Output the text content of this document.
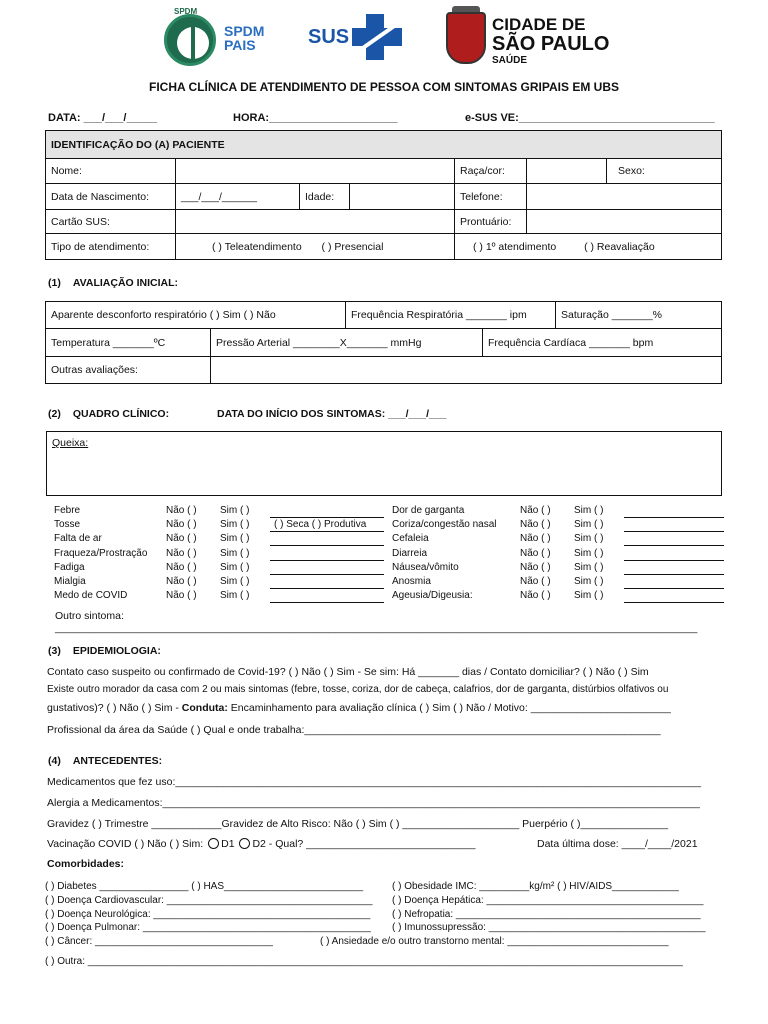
SPDM
SPDM
PAIS	SUS
CIDADE DE
SÃO PAULO
SAÚDE
FICHA CLÍNICA DE ATENDIMENTO DE PESSOA COM SINTOMAS GRIPAIS EM UBS
DATA: ___/___/_____	HORA:_____________________	e-SUS VE:________________________________
IDENTIFICAÇÃO DO (A) PACIENTE						
Nome:				Raça/cor:		Sexo:
Data de Nascimento:	___/___/______	Idade:		Telefone:		
Cartão SUS:				Prontuário:		
Tipo de atendimento:	( ) Teleatendimento ( ) Presencial			( ) 1º atendimento ( ) Reavaliação		
(1) AVALIAÇÃO INICIAL:
Aparente desconforto respiratório ( ) Sim ( ) Não	Frequência Respiratória _______ ipm	Saturação _______%
Temperatura _______ºC	Pressão Arterial ________X_______ mmHg	Frequência Cardíaca _______ bpm
Outras avaliações:		
(2) QUADRO CLÍNICO:	DATA DO INÍCIO DOS SINTOMAS: ___/___/___
Queixa:
Febre	Não ( ) Sim ( )	Dor de garganta	Não ( ) Sim ( )
Tosse	Não ( ) Sim ( ) ( ) Seca ( ) Produtiva	Coriza/congestão nasal Não ( ) Sim ( )
Falta de ar	Não ( ) Sim ( )	Cefaleia	Não ( ) Sim ( )
Fraqueza/Prostração Não ( ) Sim ( )	Diarreia	Não ( ) Sim ( )
Fadiga	Não ( ) Sim ( )	Náusea/vômito	Não ( ) Sim ( )
Mialgia	Não ( ) Sim ( )	Anosmia	Não ( ) Sim ( )
Medo de COVID	Não ( ) Sim ( )	Ageusia/Digeusia:	Não ( ) Sim ( )
Outro sintoma: ______________________________________________________________________________________________________________
(3) EPIDEMIOLOGIA:
Contato caso suspeito ou confirmado de Covid-19? ( ) Não ( ) Sim - Se sim: Há _______ dias / Contato domiciliar? ( ) Não ( ) Sim
Existe outro morador da casa com 2 ou mais sintomas (febre, tosse, coriza, dor de cabeça, calafrios, dor de garganta, distúrbios olfativos ou
gustativos)? ( ) Não ( ) Sim - Conduta: Encaminhamento para avaliação clínica ( ) Sim ( ) Não / Motivo: ________________________
Profissional da área da Saúde ( ) Qual e onde trabalha:_____________________________________________________________
(4) ANTECEDENTES:
Medicamentos que fez uso:__________________________________________________________________________________________
Alergia a Medicamentos:____________________________________________________________________________________________
Gravidez ( ) Trimestre ____________Gravidez de Alto Risco: Não ( ) Sim ( ) ____________________ Puerpério ( )_______________
Vacinação COVID ( ) Não ( ) Sim: D1 D2 - Qual? _____________________________	Data última dose: ____/____/2021
Comorbidades:
( ) Diabetes ________________ ( ) HAS_________________________	( ) Obesidade IMC: _________kg/m² ( ) HIV/AIDS____________
( ) Doença Cardiovascular: _____________________________________ ( ) Doença Hepática: _______________________________________
( ) Doença Neurológica: _______________________________________ ( ) Nefropatia: ____________________________________________
( ) Doença Pulmonar: _________________________________________ ( ) Imunossupressão: _______________________________________
( ) Câncer: ________________________________	( ) Ansiedade e/o outro transtorno mental: _____________________________
( ) Outra: ___________________________________________________________________________________________________________
